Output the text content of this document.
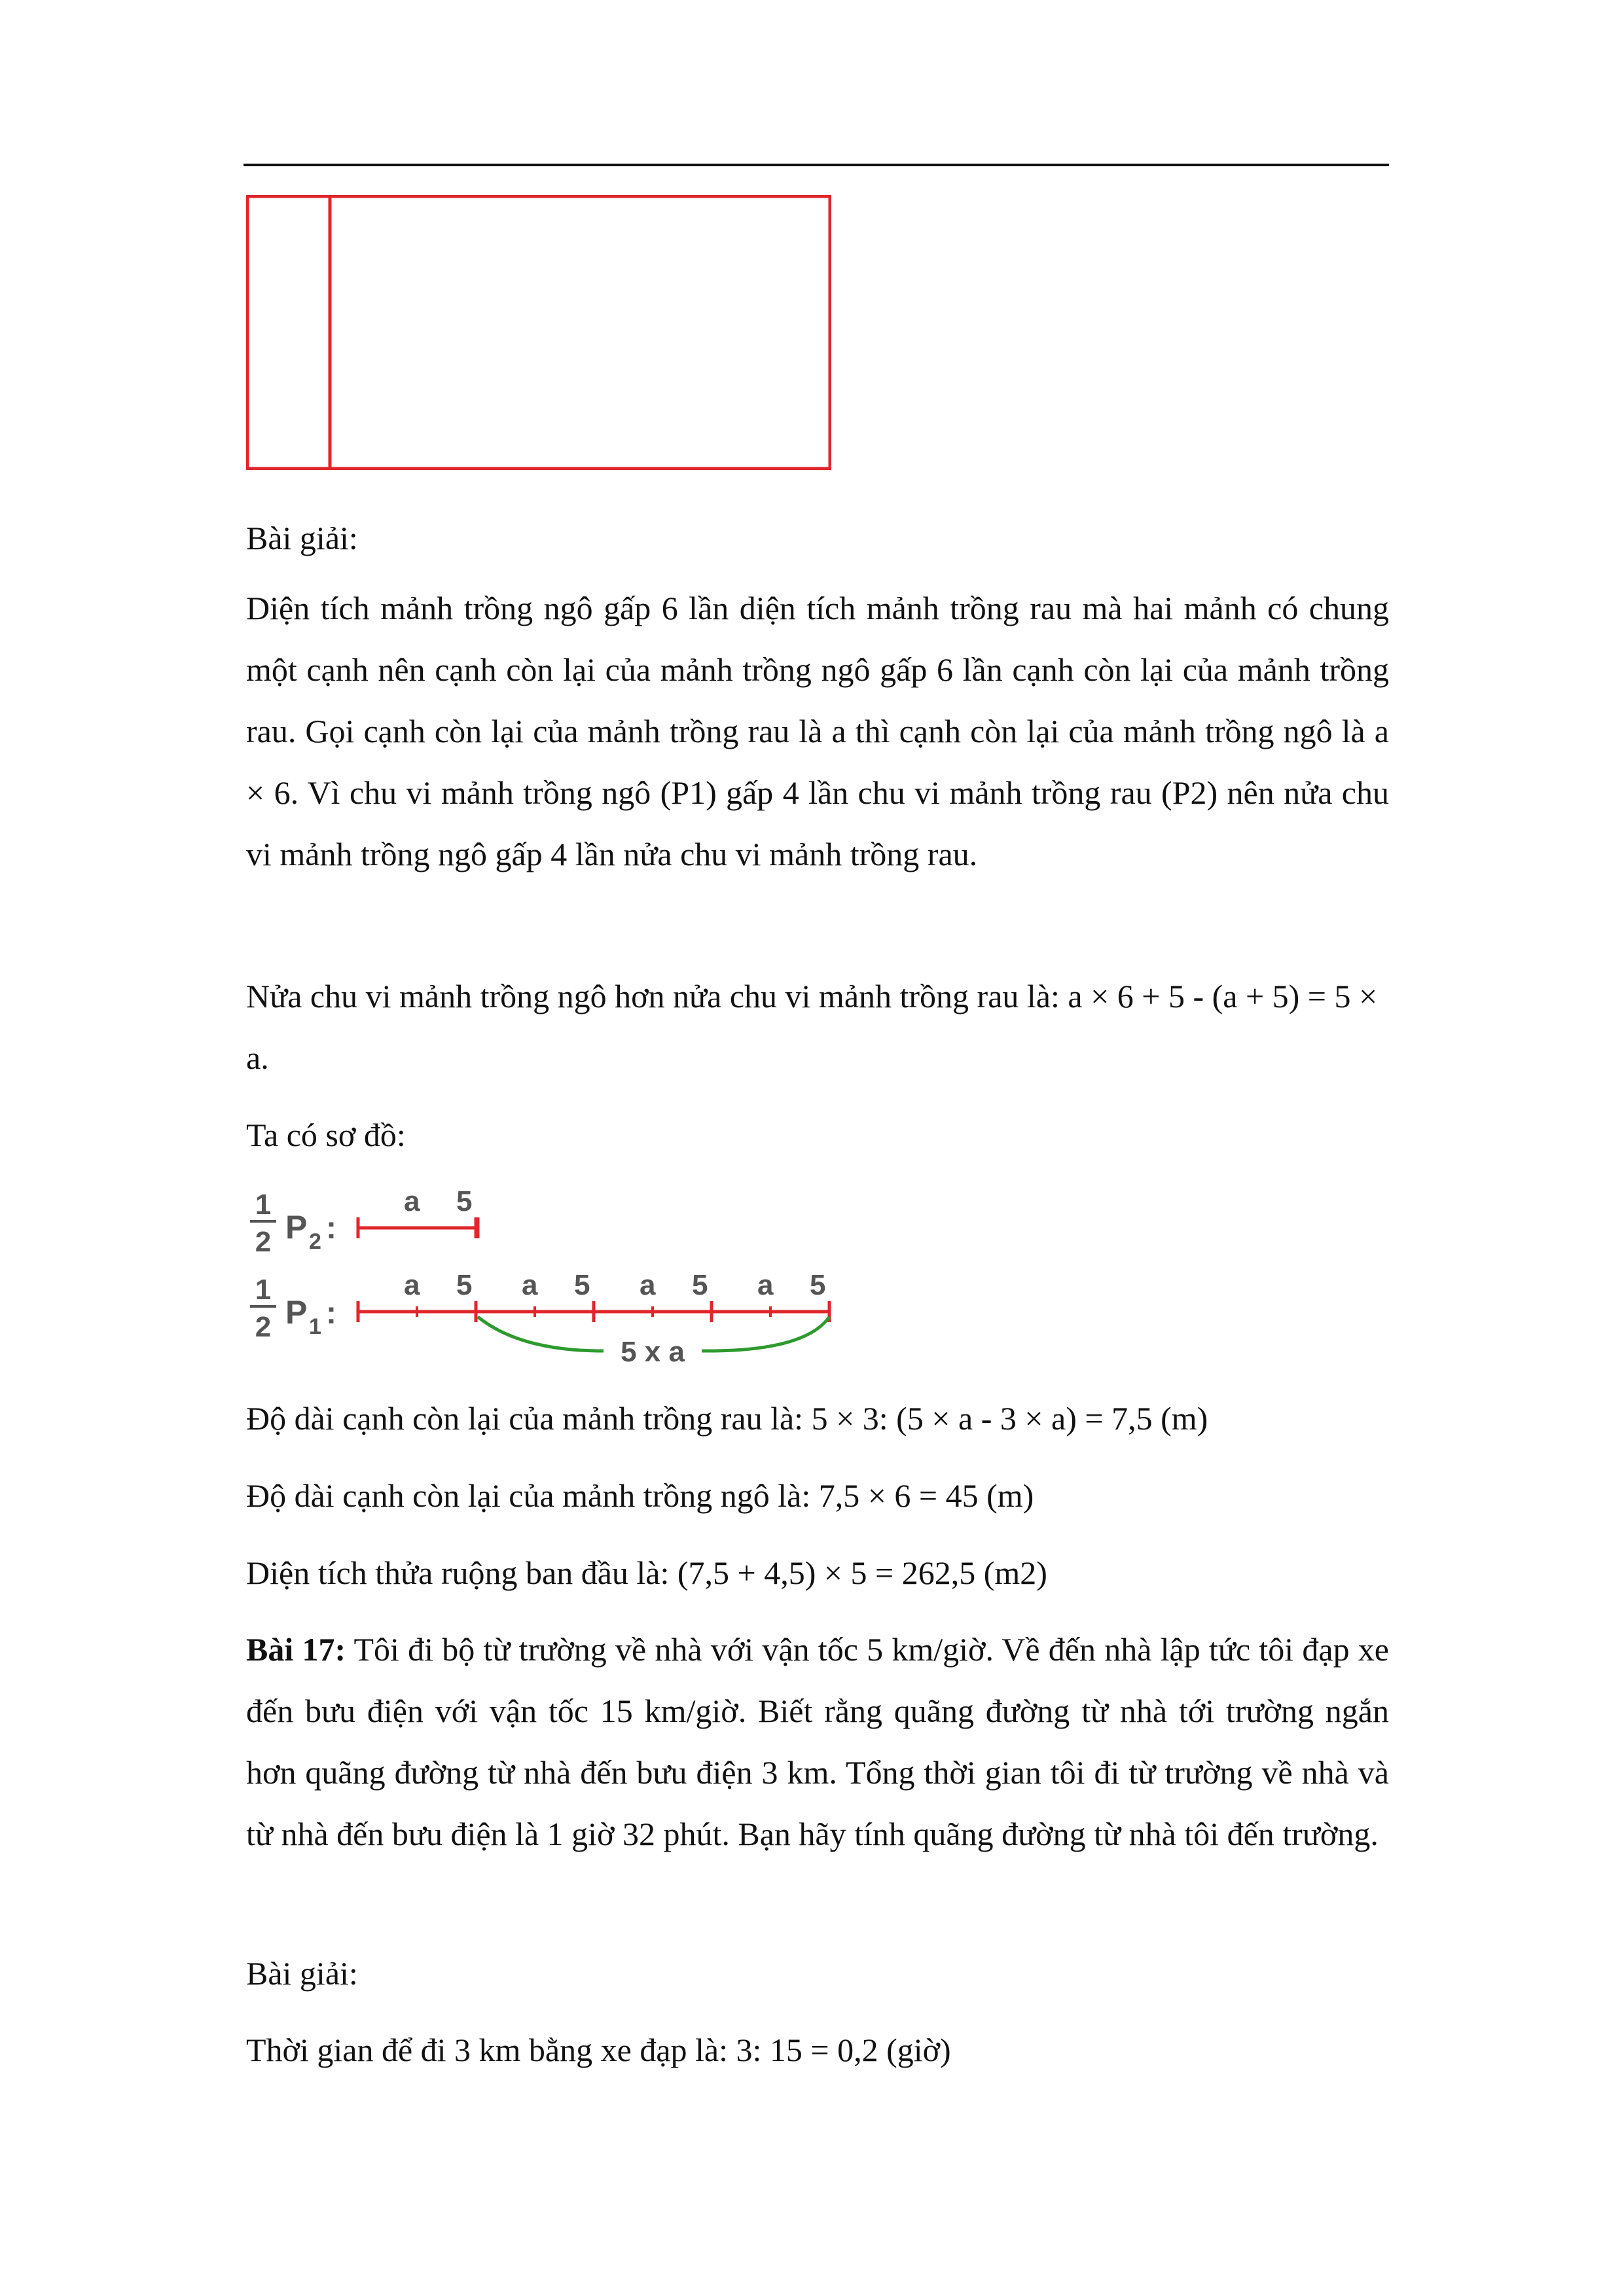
Bài giải:

Diện tích mảnh trồng ngô gấp 6 lần diện tích mảnh trồng rau mà hai mảnh có chung một cạnh nên cạnh còn lại của mảnh trồng ngô gấp 6 lần cạnh còn lại của mảnh trồng rau. Gọi cạnh còn lại của mảnh trồng rau là a thì cạnh còn lại của mảnh trồng ngô là a × 6. Vì chu vi mảnh trồng ngô (P1) gấp 4 lần chu vi mảnh trồng rau (P2) nên nửa chu vi mảnh trồng ngô gấp 4 lần nửa chu vi mảnh trồng rau.

Nửa chu vi mảnh trồng ngô hơn nửa chu vi mảnh trồng rau là: a × 6 + 5 - (a + 5) = 5 × a.

Ta có sơ đồ:

1
2 P 2 :
a 5
1
2 P 1 :
a 5 a 5 a 5 a 5
5 x a

Độ dài cạnh còn lại của mảnh trồng rau là: 5 × 3: (5 × a - 3 × a) = 7,5 (m)

Độ dài cạnh còn lại của mảnh trồng ngô là: 7,5 × 6 = 45 (m)

Diện tích thửa ruộng ban đầu là: (7,5 + 4,5) × 5 = 262,5 (m2)

Bài 17: Tôi đi bộ từ trường về nhà với vận tốc 5 km/giờ. Về đến nhà lập tức tôi đạp xe đến bưu điện với vận tốc 15 km/giờ. Biết rằng quãng đường từ nhà tới trường ngắn hơn quãng đường từ nhà đến bưu điện 3 km. Tổng thời gian tôi đi từ trường về nhà và từ nhà đến bưu điện là 1 giờ 32 phút. Bạn hãy tính quãng đường từ nhà tôi đến trường.

Bài giải:

Thời gian để đi 3 km bằng xe đạp là: 3: 15 = 0,2 (giờ)
